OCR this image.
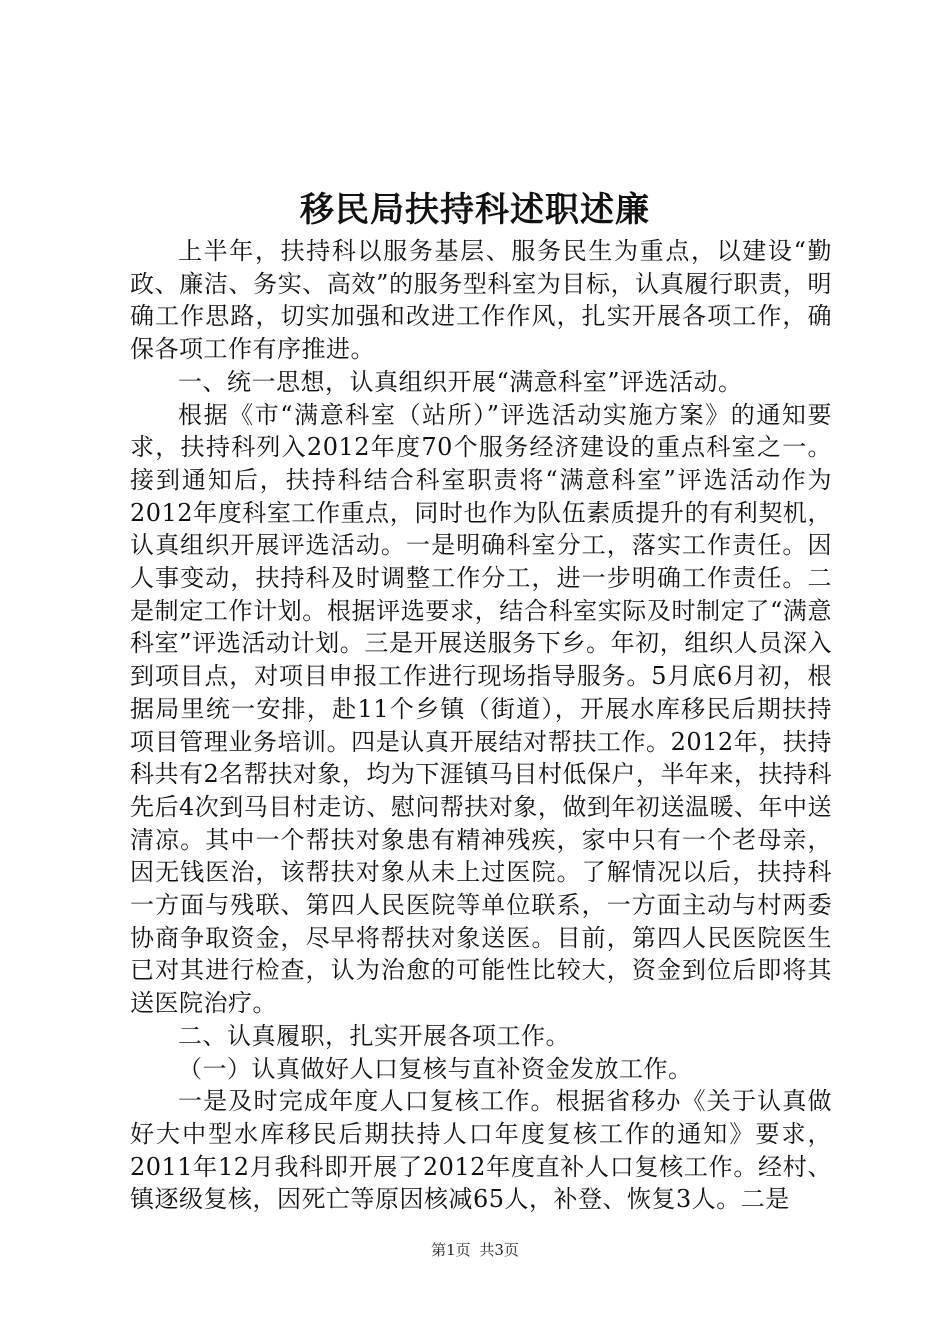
移民局扶持科述职述廉

上半年，扶持科以服务基层、服务民生为重点，以建设“勤政、廉洁、务实、高效”的服务型科室为目标，认真履行职责，明确工作思路，切实加强和改进工作作风，扎实开展各项工作，确保各项工作有序推进。

一、统一思想，认真组织开展“满意科室”评选活动。

根据《市“满意科室（站所）”评选活动实施方案》的通知要求，扶持科列入2012年度70个服务经济建设的重点科室之一。接到通知后，扶持科结合科室职责将“满意科室”评选活动作为2012年度科室工作重点，同时也作为队伍素质提升的有利契机，认真组织开展评选活动。一是明确科室分工，落实工作责任。因人事变动，扶持科及时调整工作分工，进一步明确工作责任。二是制定工作计划。根据评选要求，结合科室实际及时制定了“满意科室”评选活动计划。三是开展送服务下乡。年初，组织人员深入到项目点，对项目申报工作进行现场指导服务。5月底6月初，根据局里统一安排，赴11个乡镇（街道），开展水库移民后期扶持项目管理业务培训。四是认真开展结对帮扶工作。2012年，扶持科共有2名帮扶对象，均为下涯镇马目村低保户，半年来，扶持科先后4次到马目村走访、慰问帮扶对象，做到年初送温暖、年中送清凉。其中一个帮扶对象患有精神残疾，家中只有一个老母亲，因无钱医治，该帮扶对象从未上过医院。了解情况以后，扶持科一方面与残联、第四人民医院等单位联系，一方面主动与村两委协商争取资金，尽早将帮扶对象送医。目前，第四人民医院医生已对其进行检查，认为治愈的可能性比较大，资金到位后即将其送医院治疗。

二、认真履职，扎实开展各项工作。

（一）认真做好人口复核与直补资金发放工作。

一是及时完成年度人口复核工作。根据省移办《关于认真做好大中型水库移民后期扶持人口年度复核工作的通知》要求，2011年12月我科即开展了2012年度直补人口复核工作。经村、镇逐级复核，因死亡等原因核减65人，补登、恢复3人。二是

第1页 共3页
